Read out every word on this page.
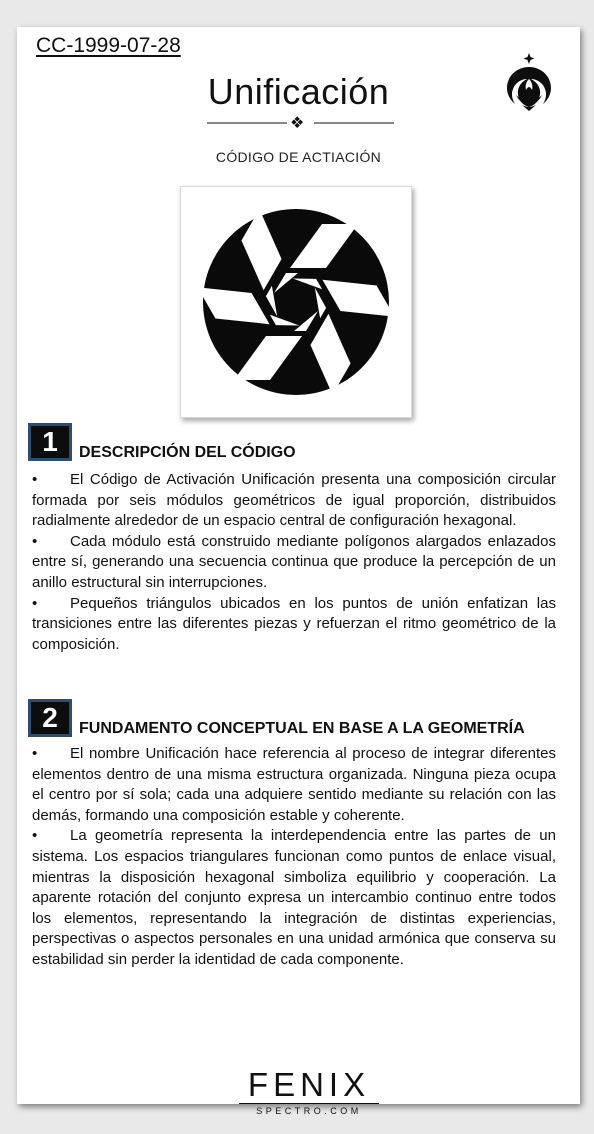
CC-1999-07-28
Unificación
❖
CÓDIGO DE ACTIACIÓN
1	DESCRIPCIÓN DEL CÓDIGO

• El Código de Activación Unificación presenta una composición circular formada por seis módulos geométricos de igual proporción, distribuidos radialmente alrededor de un espacio central de configuración hexagonal.

• Cada módulo está construido mediante polígonos alargados enlazados entre sí, generando una secuencia continua que produce la percepción de un anillo estructural sin interrupciones.

• Pequeños triángulos ubicados en los puntos de unión enfatizan las transiciones entre las diferentes piezas y refuerzan el ritmo geométrico de la composición.

2	FUNDAMENTO CONCEPTUAL EN BASE A LA GEOMETRÍA

• El nombre Unificación hace referencia al proceso de integrar diferentes elementos dentro de una misma estructura organizada. Ninguna pieza ocupa el centro por sí sola; cada una adquiere sentido mediante su relación con las demás, formando una composición estable y coherente.

• La geometría representa la interdependencia entre las partes de un sistema. Los espacios triangulares funcionan como puntos de enlace visual, mientras la disposición hexagonal simboliza equilibrio y cooperación. La aparente rotación del conjunto expresa un intercambio continuo entre todos los elementos, representando la integración de distintas experiencias, perspectivas o aspectos personales en una unidad armónica que conserva su estabilidad sin perder la identidad de cada componente.

FENIX
SPECTRO.COM
